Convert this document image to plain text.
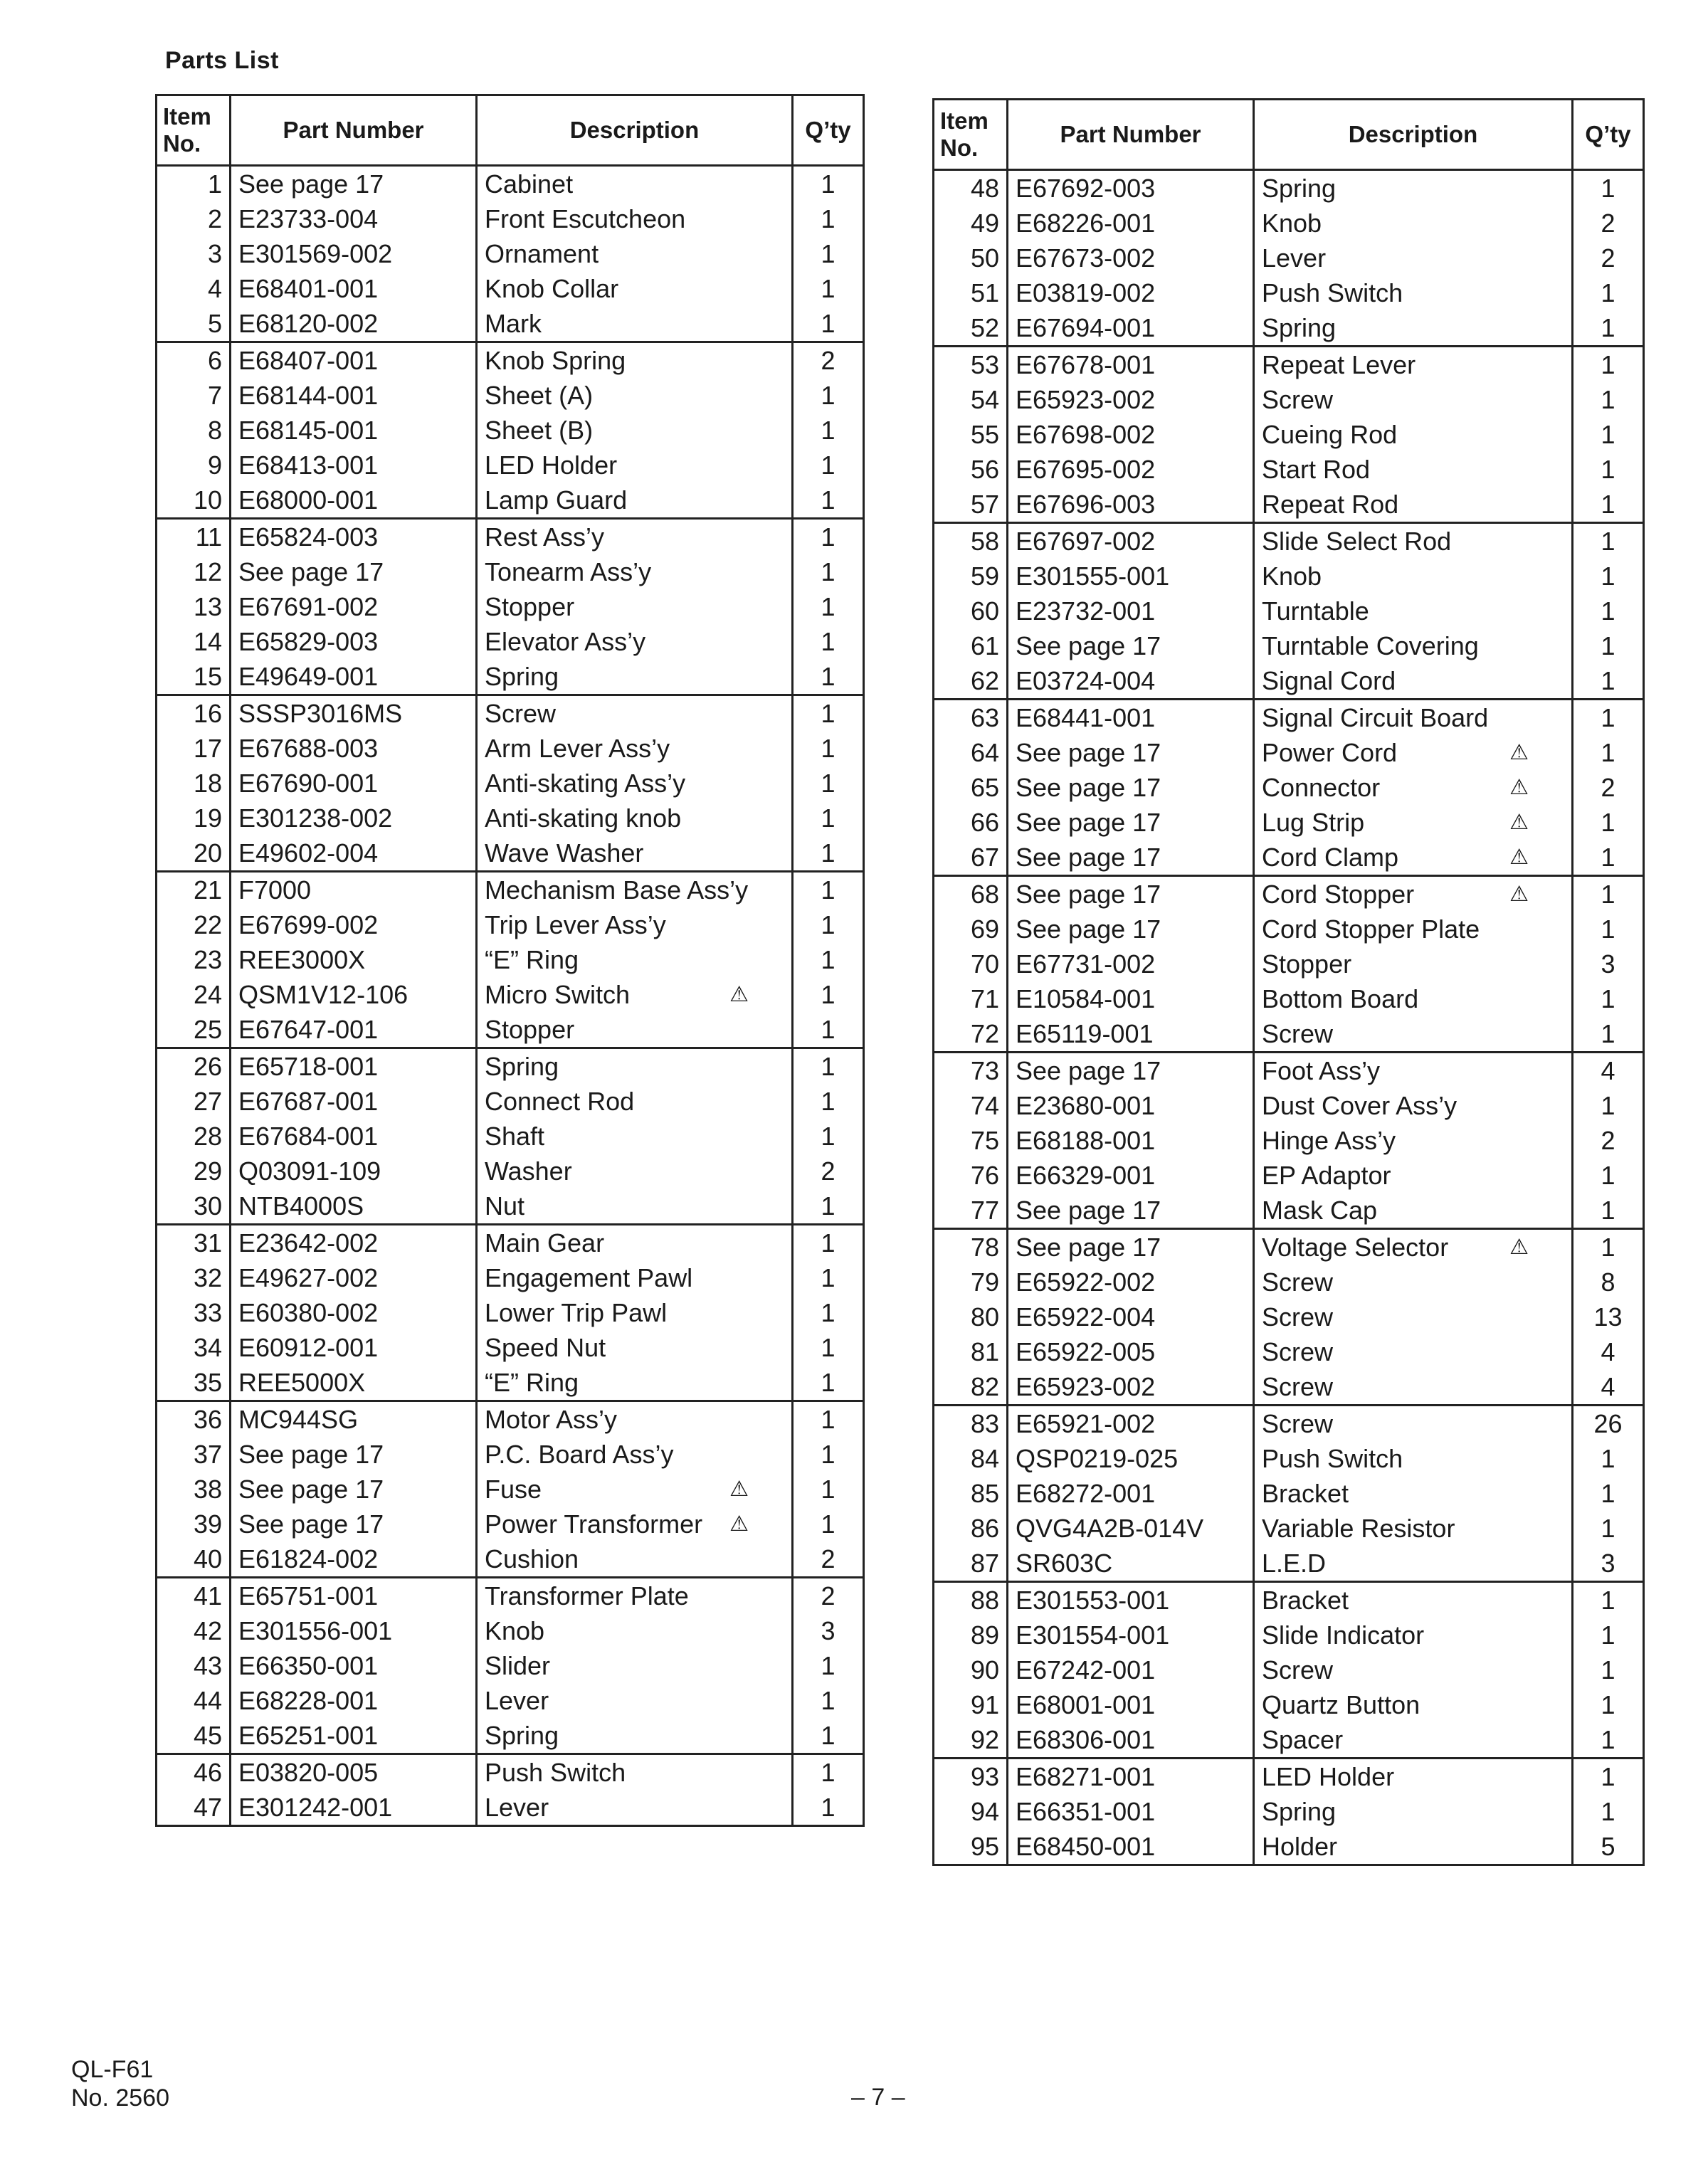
Parts List
Item No.	Part Number	Description	Q’ty
1	See page 17	Cabinet	1
2	E23733-004	Front Escutcheon	1
3	E301569-002	Ornament	1
4	E68401-001	Knob Collar	1
5	E68120-002	Mark	1
6	E68407-001	Knob Spring	2
7	E68144-001	Sheet (A)	1
8	E68145-001	Sheet (B)	1
9	E68413-001	LED Holder	1
10	E68000-001	Lamp Guard	1
11	E65824-003	Rest Ass’y	1
12	See page 17	Tonearm Ass’y	1
13	E67691-002	Stopper	1
14	E65829-003	Elevator Ass’y	1
15	E49649-001	Spring	1
16	SSSP3016MS	Screw	1
17	E67688-003	Arm Lever Ass’y	1
18	E67690-001	Anti-skating Ass’y	1
19	E301238-002	Anti-skating knob	1
20	E49602-004	Wave Washer	1
21	F7000	Mechanism Base Ass’y	1
22	E67699-002	Trip Lever Ass’y	1
23	REE3000X	“E” Ring	1
24	QSM1V12-106	Micro Switch ⚠	1
25	E67647-001	Stopper	1
26	E65718-001	Spring	1
27	E67687-001	Connect Rod	1
28	E67684-001	Shaft	1
29	Q03091-109	Washer	2
30	NTB4000S	Nut	1
31	E23642-002	Main Gear	1
32	E49627-002	Engagement Pawl	1
33	E60380-002	Lower Trip Pawl	1
34	E60912-001	Speed Nut	1
35	REE5000X	“E” Ring	1
36	MC944SG	Motor Ass’y	1
37	See page 17	P.C. Board Ass’y	1
38	See page 17	Fuse ⚠	1
39	See page 17	Power Transformer ⚠	1
40	E61824-002	Cushion	2
41	E65751-001	Transformer Plate	2
42	E301556-001	Knob	3
43	E66350-001	Slider	1
44	E68228-001	Lever	1
45	E65251-001	Spring	1
46	E03820-005	Push Switch	1
47	E301242-001	Lever	1
Item No.	Part Number	Description	Q’ty
48	E67692-003	Spring	1
49	E68226-001	Knob	2
50	E67673-002	Lever	2
51	E03819-002	Push Switch	1
52	E67694-001	Spring	1
53	E67678-001	Repeat Lever	1
54	E65923-002	Screw	1
55	E67698-002	Cueing Rod	1
56	E67695-002	Start Rod	1
57	E67696-003	Repeat Rod	1
58	E67697-002	Slide Select Rod	1
59	E301555-001	Knob	1
60	E23732-001	Turntable	1
61	See page 17	Turntable Covering	1
62	E03724-004	Signal Cord	1
63	E68441-001	Signal Circuit Board	1
64	See page 17	Power Cord ⚠	1
65	See page 17	Connector ⚠	2
66	See page 17	Lug Strip ⚠	1
67	See page 17	Cord Clamp ⚠	1
68	See page 17	Cord Stopper ⚠	1
69	See page 17	Cord Stopper Plate	1
70	E67731-002	Stopper	3
71	E10584-001	Bottom Board	1
72	E65119-001	Screw	1
73	See page 17	Foot Ass’y	4
74	E23680-001	Dust Cover Ass’y	1
75	E68188-001	Hinge Ass’y	2
76	E66329-001	EP Adaptor	1
77	See page 17	Mask Cap	1
78	See page 17	Voltage Selector ⚠	1
79	E65922-002	Screw	8
80	E65922-004	Screw	13
81	E65922-005	Screw	4
82	E65923-002	Screw	4
83	E65921-002	Screw	26
84	QSP0219-025	Push Switch	1
85	E68272-001	Bracket	1
86	QVG4A2B-014V	Variable Resistor	1
87	SR603C	L.E.D	3
88	E301553-001	Bracket	1
89	E301554-001	Slide Indicator	1
90	E67242-001	Screw	1
91	E68001-001	Quartz Button	1
92	E68306-001	Spacer	1
93	E68271-001	LED Holder	1
94	E66351-001	Spring	1
95	E68450-001	Holder	5
QL-F61
No. 2560	– 7 –
